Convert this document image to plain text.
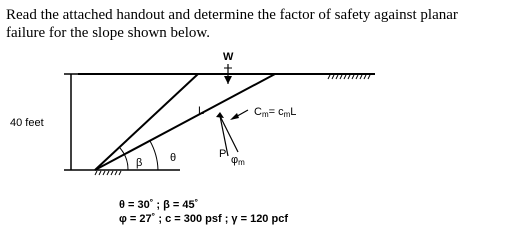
Read the attached handout and determine the factor of safety against planar
failure for the slope shown below.
40 feet
W
L	Cm= cmL
P φm
β	θ
θ = 30˚ ; β = 45˚
φ = 27˚ ; c = 300 psf ; γ = 120 pcf
